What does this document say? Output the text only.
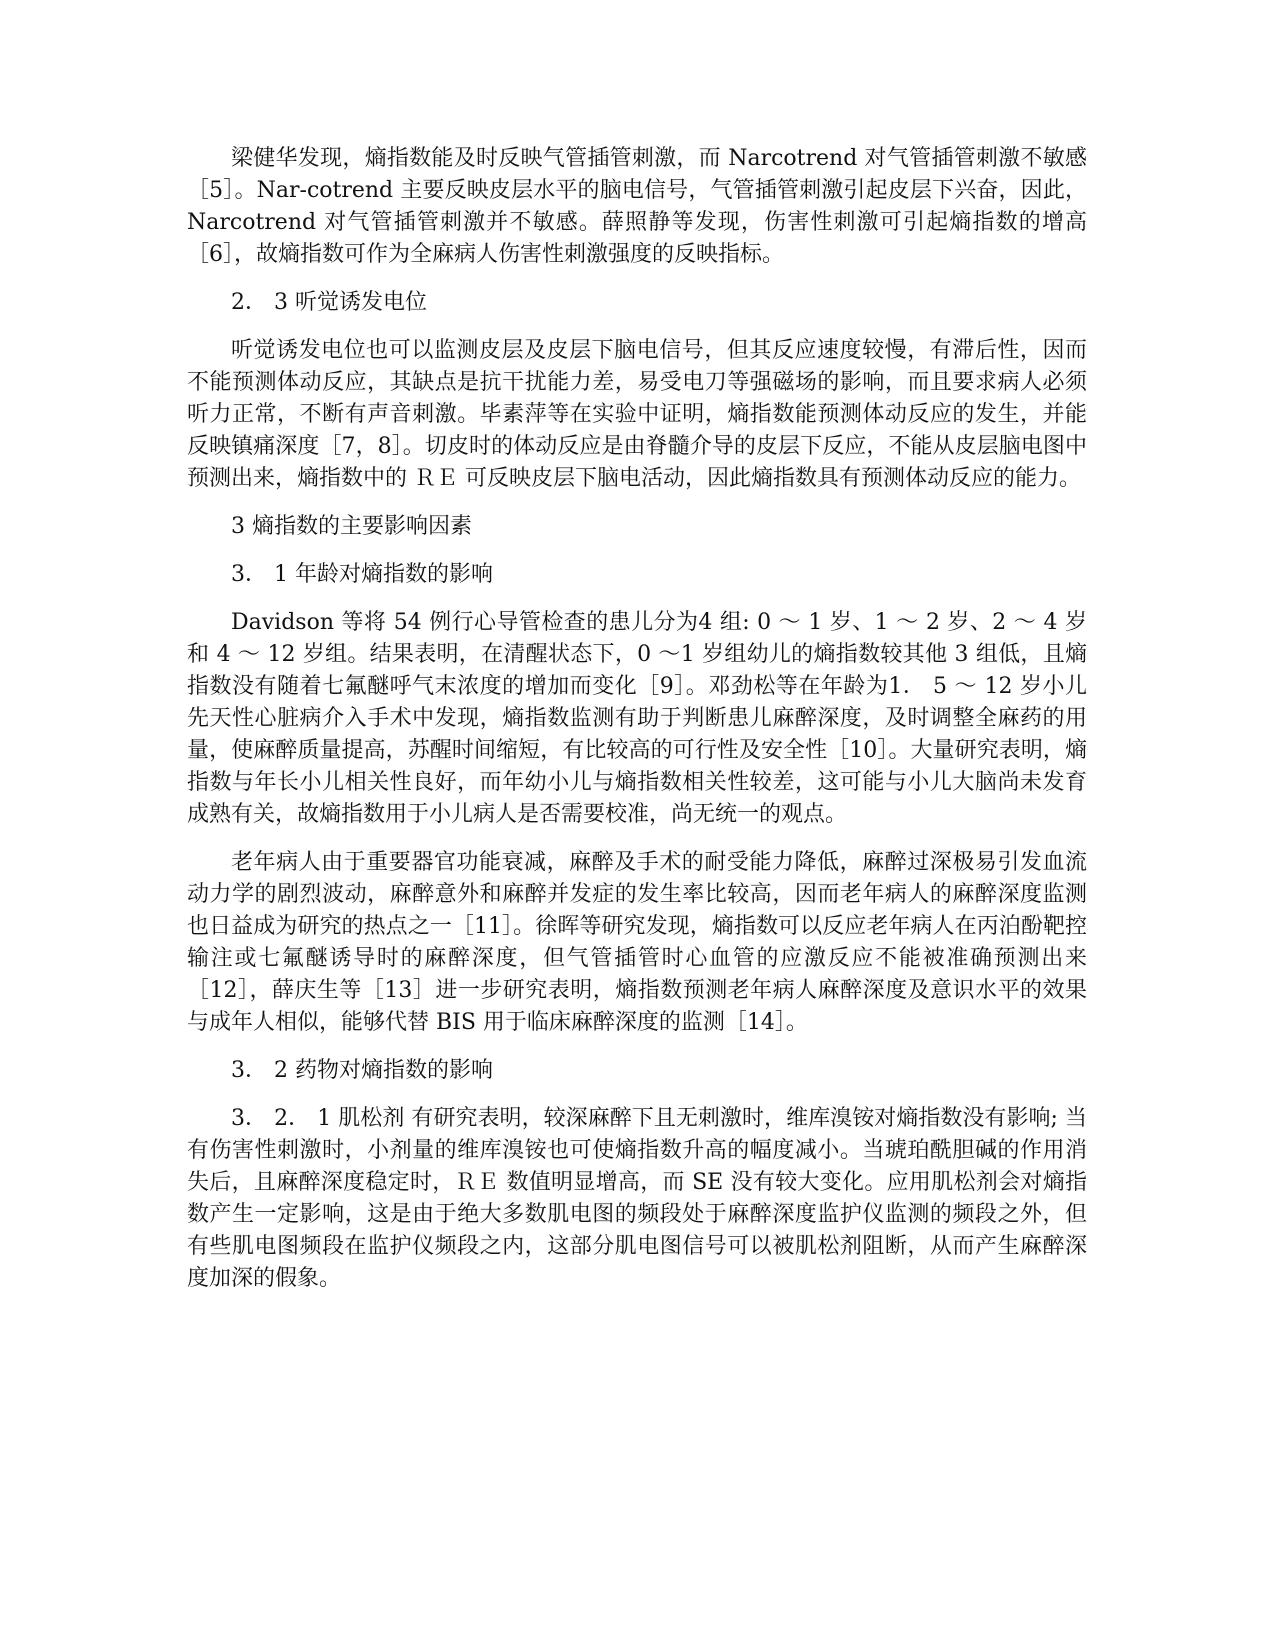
梁健华发现，熵指数能及时反映气管插管刺激，而 Narcotrend 对气管插管刺激不敏感［5］。Nar-cotrend 主要反映皮层水平的脑电信号，气管插管刺激引起皮层下兴奋，因此，Narcotrend 对气管插管刺激并不敏感。薛照静等发现，伤害性刺激可引起熵指数的增高［6］，故熵指数可作为全麻病人伤害性刺激强度的反映指标。

2． 3 听觉诱发电位

听觉诱发电位也可以监测皮层及皮层下脑电信号，但其反应速度较慢，有滞后性，因而不能预测体动反应，其缺点是抗干扰能力差，易受电刀等强磁场的影响，而且要求病人必须听力正常，不断有声音刺激。毕素萍等在实验中证明，熵指数能预测体动反应的发生，并能反映镇痛深度［7，8］。切皮时的体动反应是由脊髓介导的皮层下反应，不能从皮层脑电图中预测出来，熵指数中的 ＲＥ 可反映皮层下脑电活动，因此熵指数具有预测体动反应的能力。

3 熵指数的主要影响因素

3． 1 年龄对熵指数的影响

Davidson 等将 54 例行心导管检查的患儿分为4 组: 0 ～ 1 岁、1 ～ 2 岁、2 ～ 4 岁和 4 ～ 12 岁组。结果表明，在清醒状态下，0 ～1 岁组幼儿的熵指数较其他 3 组低，且熵指数没有随着七氟醚呼气末浓度的增加而变化［9］。邓劲松等在年龄为1． 5 ～ 12 岁小儿先天性心脏病介入手术中发现，熵指数监测有助于判断患儿麻醉深度，及时调整全麻药的用量，使麻醉质量提高，苏醒时间缩短，有比较高的可行性及安全性［10］。大量研究表明，熵指数与年长小儿相关性良好，而年幼小儿与熵指数相关性较差，这可能与小儿大脑尚未发育成熟有关，故熵指数用于小儿病人是否需要校准，尚无统一的观点。

老年病人由于重要器官功能衰减，麻醉及手术的耐受能力降低，麻醉过深极易引发血流动力学的剧烈波动，麻醉意外和麻醉并发症的发生率比较高，因而老年病人的麻醉深度监测也日益成为研究的热点之一［11］。徐晖等研究发现，熵指数可以反应老年病人在丙泊酚靶控输注或七氟醚诱导时的麻醉深度，但气管插管时心血管的应激反应不能被准确预测出来［12］，薛庆生等［13］进一步研究表明，熵指数预测老年病人麻醉深度及意识水平的效果与成年人相似，能够代替 BIS 用于临床麻醉深度的监测［14］。

3． 2 药物对熵指数的影响

3． 2． 1 肌松剂 有研究表明，较深麻醉下且无刺激时，维库溴铵对熵指数没有影响; 当有伤害性刺激时，小剂量的维库溴铵也可使熵指数升高的幅度减小。当琥珀酰胆碱的作用消失后，且麻醉深度稳定时，ＲＥ 数值明显增高，而 SE 没有较大变化。应用肌松剂会对熵指数产生一定影响，这是由于绝大多数肌电图的频段处于麻醉深度监护仪监测的频段之外，但有些肌电图频段在监护仪频段之内，这部分肌电图信号可以被肌松剂阻断，从而产生麻醉深度加深的假象。
